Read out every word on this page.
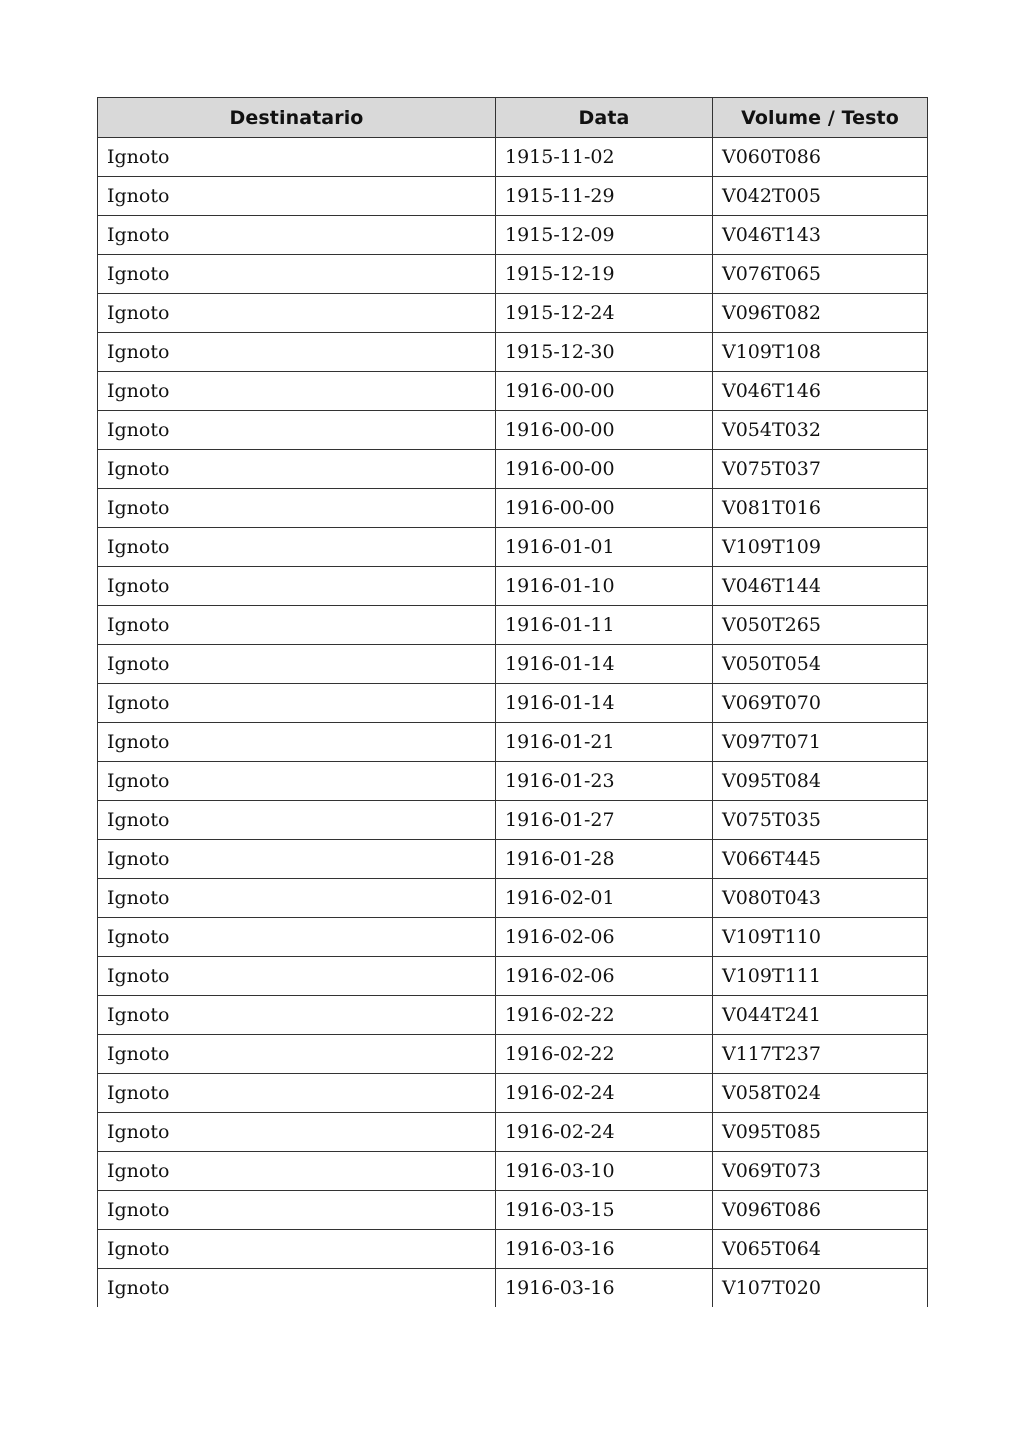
Destinatario	Data	Volume / Testo
Ignoto	1915-11-02	V060T086
Ignoto	1915-11-29	V042T005
Ignoto	1915-12-09	V046T143
Ignoto	1915-12-19	V076T065
Ignoto	1915-12-24	V096T082
Ignoto	1915-12-30	V109T108
Ignoto	1916-00-00	V046T146
Ignoto	1916-00-00	V054T032
Ignoto	1916-00-00	V075T037
Ignoto	1916-00-00	V081T016
Ignoto	1916-01-01	V109T109
Ignoto	1916-01-10	V046T144
Ignoto	1916-01-11	V050T265
Ignoto	1916-01-14	V050T054
Ignoto	1916-01-14	V069T070
Ignoto	1916-01-21	V097T071
Ignoto	1916-01-23	V095T084
Ignoto	1916-01-27	V075T035
Ignoto	1916-01-28	V066T445
Ignoto	1916-02-01	V080T043
Ignoto	1916-02-06	V109T110
Ignoto	1916-02-06	V109T111
Ignoto	1916-02-22	V044T241
Ignoto	1916-02-22	V117T237
Ignoto	1916-02-24	V058T024
Ignoto	1916-02-24	V095T085
Ignoto	1916-03-10	V069T073
Ignoto	1916-03-15	V096T086
Ignoto	1916-03-16	V065T064
Ignoto	1916-03-16	V107T020
